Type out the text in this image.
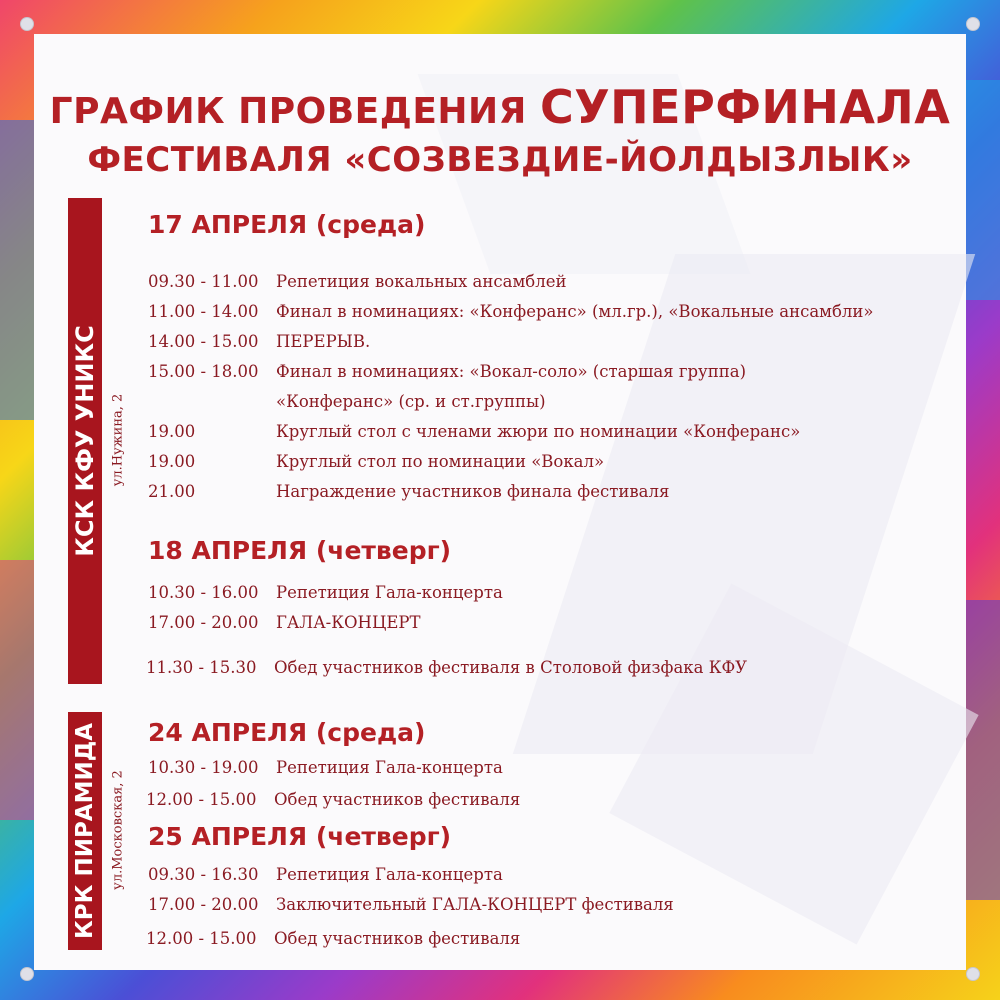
ГРАФИК ПРОВЕДЕНИЯ СУПЕРФИНАЛА
ФЕСТИВАЛЯ «СОЗВЕЗДИЕ-ЙОЛДЫЗЛЫК»
КСК КФУ УНИКС ул.Нужина, 2
17 АПРЕЛЯ (среда)
09.30 - 11.00 Репетиция вокальных ансамблей
11.00 - 14.00 Финал в номинациях: «Конферанс» (мл.гр.), «Вокальные ансамбли»
14.00 - 15.00 ПЕРЕРЫВ.
15.00 - 18.00 Финал в номинациях: «Вокал-соло» (старшая группа)
«Конферанс» (ср. и ст.группы)
19.00	Круглый стол с членами жюри по номинации «Конферанс»
19.00	Круглый стол по номинации «Вокал»
21.00	Награждение участников финала фестиваля
18 АПРЕЛЯ (четверг)
10.30 - 16.00 Репетиция Гала-концерта
17.00 - 20.00 ГАЛА-КОНЦЕРТ
11.30 - 15.30 Обед участников фестиваля в Столовой физфака КФУ
КРК ПИРАМИДА ул.Московская, 2
24 АПРЕЛЯ (среда)
10.30 - 19.00 Репетиция Гала-концерта
12.00 - 15.00 Обед участников фестиваля
25 АПРЕЛЯ (четверг)
09.30 - 16.30 Репетиция Гала-концерта
17.00 - 20.00 Заключительный ГАЛА-КОНЦЕРТ фестиваля
12.00 - 15.00 Обед участников фестиваля
